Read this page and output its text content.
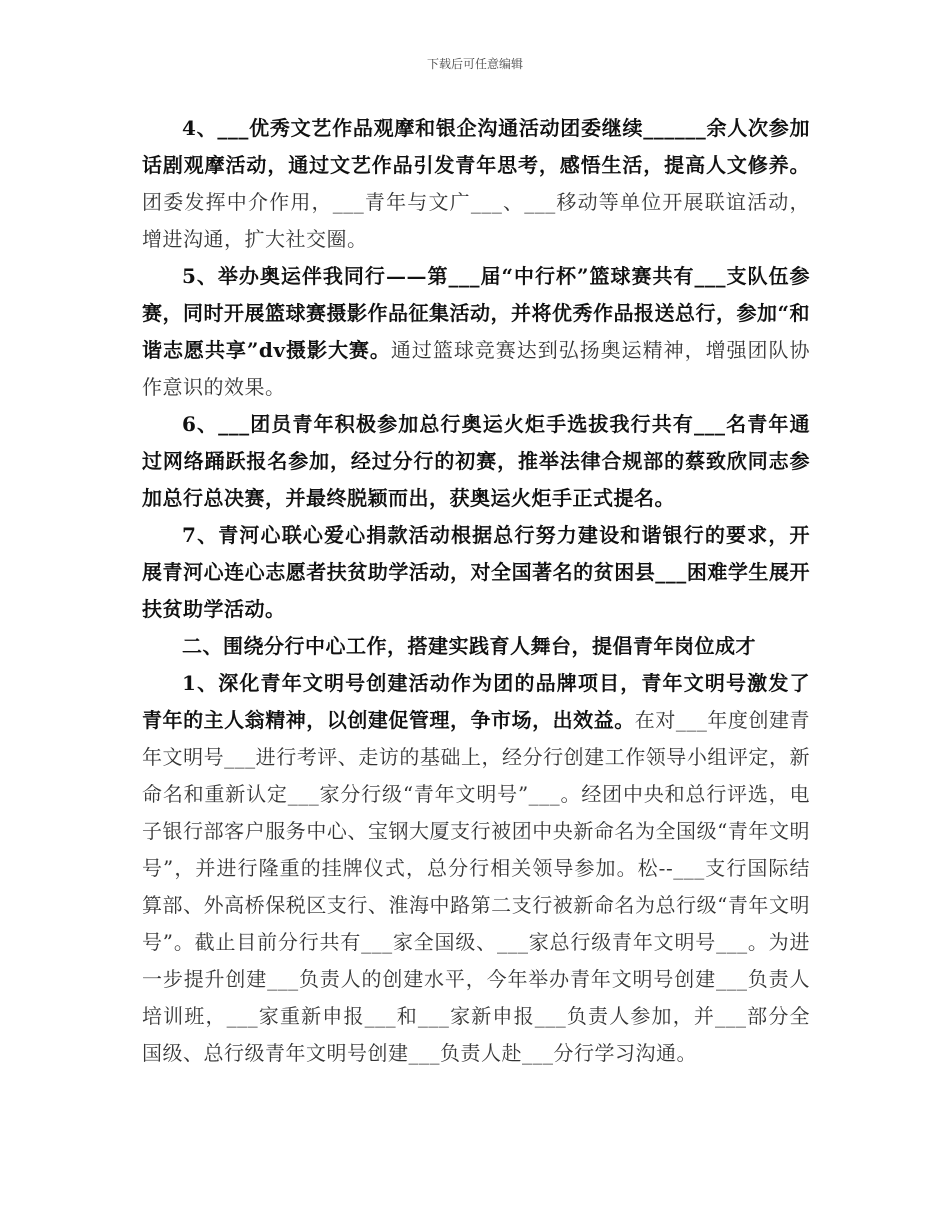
下载后可任意编辑

4、___优秀文艺作品观摩和银企沟通活动团委继续______余人次参加话剧观摩活动，通过文艺作品引发青年思考，感悟生活，提高人文修养。团委发挥中介作用，___青年与文广___、___移动等单位开展联谊活动，增进沟通，扩大社交圈。

5、举办奥运伴我同行——第___届“中行杯”篮球赛共有___支队伍参赛，同时开展篮球赛摄影作品征集活动，并将优秀作品报送总行，参加“和谐志愿共享”dv摄影大赛。通过篮球竞赛达到弘扬奥运精神，增强团队协作意识的效果。

6、___团员青年积极参加总行奥运火炬手选拔我行共有___名青年通过网络踊跃报名参加，经过分行的初赛，推举法律合规部的蔡致欣同志参加总行总决赛，并最终脱颖而出，获奥运火炬手正式提名。

7、青河心联心爱心捐款活动根据总行努力建设和谐银行的要求，开展青河心连心志愿者扶贫助学活动，对全国著名的贫困县___困难学生展开扶贫助学活动。

二、围绕分行中心工作，搭建实践育人舞台，提倡青年岗位成才

1、深化青年文明号创建活动作为团的品牌项目，青年文明号激发了青年的主人翁精神，以创建促管理，争市场，出效益。在对___年度创建青年文明号___进行考评、走访的基础上，经分行创建工作领导小组评定，新命名和重新认定___家分行级“青年文明号”___。经团中央和总行评选，电子银行部客户服务中心、宝钢大厦支行被团中央新命名为全国级“青年文明号”，并进行隆重的挂牌仪式，总分行相关领导参加。松--___支行国际结算部、外高桥保税区支行、淮海中路第二支行被新命名为总行级“青年文明号”。截止目前分行共有___家全国级、___家总行级青年文明号___。为进一步提升创建___负责人的创建水平，今年举办青年文明号创建___负责人培训班，___家重新申报___和___家新申报___负责人参加，并___部分全国级、总行级青年文明号创建___负责人赴___分行学习沟通。
